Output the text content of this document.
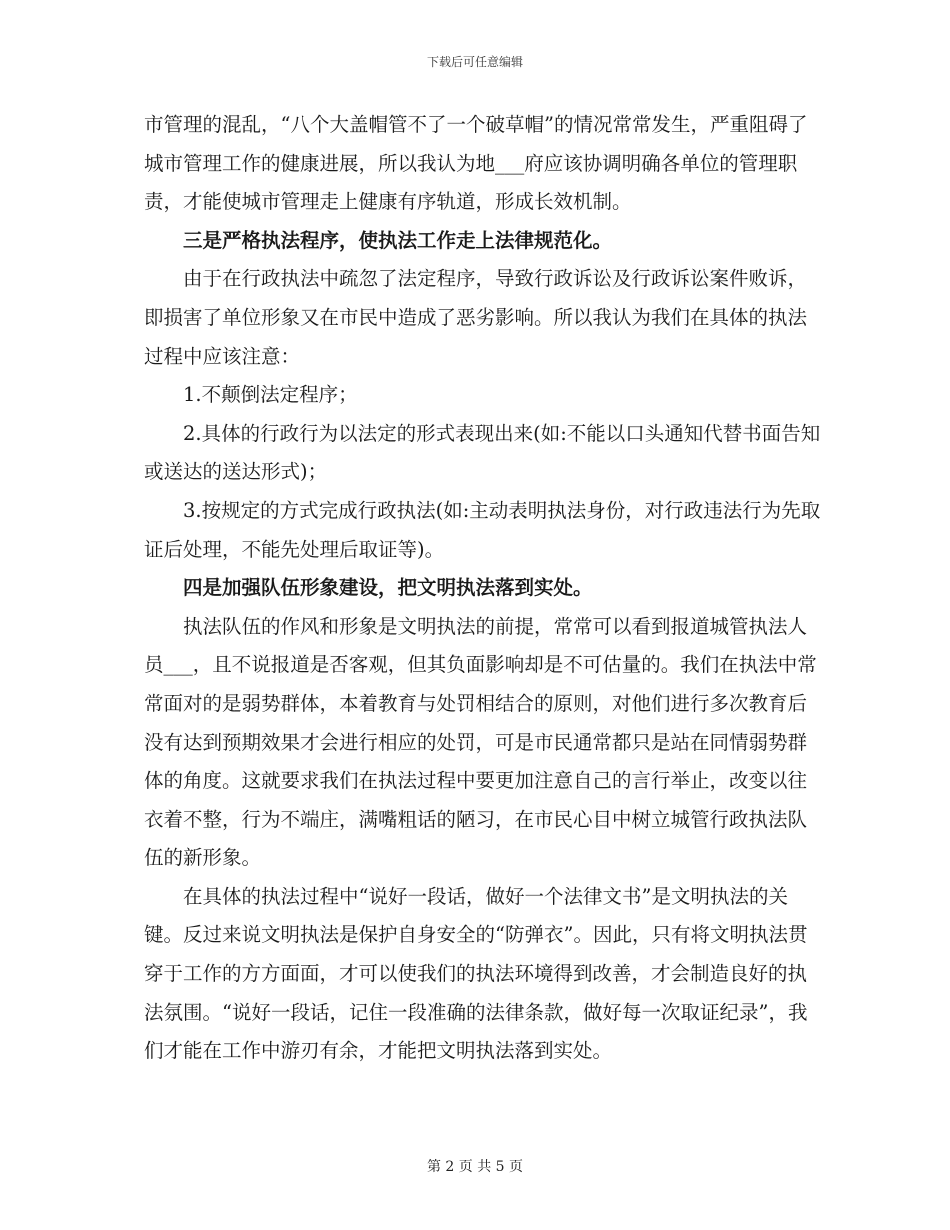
下载后可任意编辑

市管理的混乱，“八个大盖帽管不了一个破草帽”的情况常常发生，严重阻碍了城市管理工作的健康进展，所以我认为地___府应该协调明确各单位的管理职责，才能使城市管理走上健康有序轨道，形成长效机制。

三是严格执法程序，使执法工作走上法律规范化。

由于在行政执法中疏忽了法定程序，导致行政诉讼及行政诉讼案件败诉，即损害了单位形象又在市民中造成了恶劣影响。所以我认为我们在具体的执法过程中应该注意：

1.不颠倒法定程序；

2.具体的行政行为以法定的形式表现出来(如:不能以口头通知代替书面告知或送达的送达形式)；

3.按规定的方式完成行政执法(如:主动表明执法身份，对行政违法行为先取证后处理，不能先处理后取证等)。

四是加强队伍形象建设，把文明执法落到实处。

执法队伍的作风和形象是文明执法的前提，常常可以看到报道城管执法人员___，且不说报道是否客观，但其负面影响却是不可估量的。我们在执法中常常面对的是弱势群体，本着教育与处罚相结合的原则，对他们进行多次教育后没有达到预期效果才会进行相应的处罚，可是市民通常都只是站在同情弱势群体的角度。这就要求我们在执法过程中要更加注意自己的言行举止，改变以往衣着不整，行为不端庄，满嘴粗话的陋习，在市民心目中树立城管行政执法队伍的新形象。

在具体的执法过程中“说好一段话，做好一个法律文书”是文明执法的关键。反过来说文明执法是保护自身安全的“防弹衣”。因此，只有将文明执法贯穿于工作的方方面面，才可以使我们的执法环境得到改善，才会制造良好的执法氛围。“说好一段话，记住一段准确的法律条款，做好每一次取证纪录”，我们才能在工作中游刃有余，才能把文明执法落到实处。

第 2 页 共 5 页
